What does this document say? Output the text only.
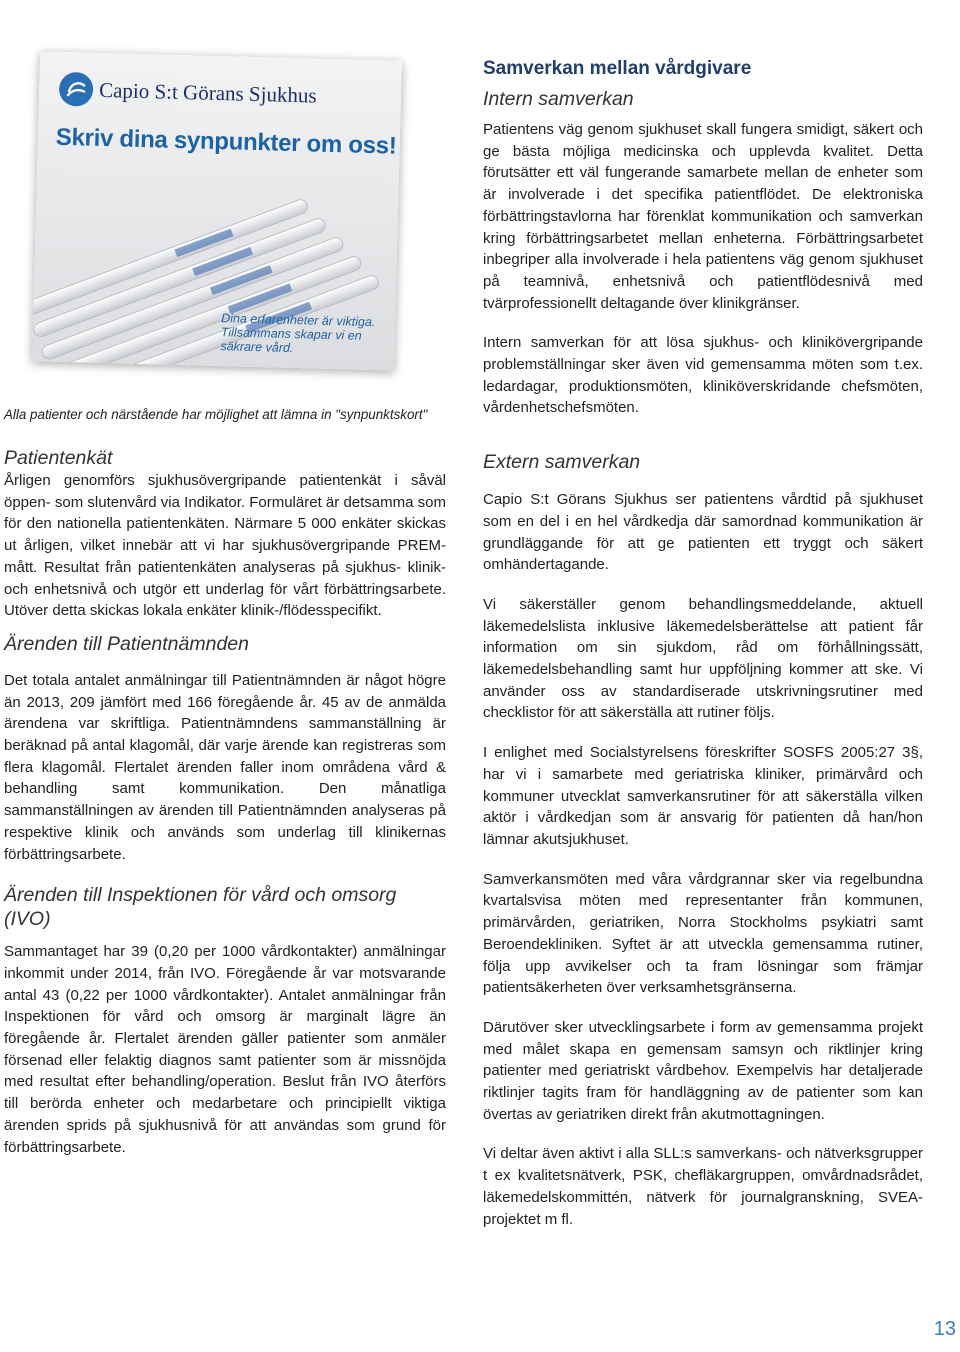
Capio S:t Görans Sjukhus
Skriv dina synpunkter om oss!
Dina erfarenheter är viktiga.
Tillsammans skapar vi en
säkrare vård.
Alla patienter och närstående har möjlighet att lämna in "synpunktskort"
Patientenkät

Årligen genomförs sjukhusövergripande patientenkät i såväl öppen- som slutenvård via Indikator. Formuläret är detsamma som för den nationella patientenkäten. Närmare 5 000 enkäter skickas ut årligen, vilket innebär att vi har sjukhusövergripande PREM-mått. Resultat från patientenkäten analyseras på sjukhus- klinik- och enhetsnivå och utgör ett underlag för vårt förbättringsarbete. Utöver detta skickas lokala enkäter klinik-/flödesspecifikt.

Ärenden till Patientnämnden

Det totala antalet anmälningar till Patientnämnden är något högre än 2013, 209 jämfört med 166 föregående år. 45 av de anmälda ärendena var skriftliga. Patientnämndens sammanställning är beräknad på antal klagomål, där varje ärende kan registreras som flera klagomål. Flertalet ärenden faller inom områdena vård & behandling samt kommunikation. Den månatliga sammanställningen av ärenden till Patientnämnden analyseras på respektive klinik och används som underlag till klinikernas förbättringsarbete.

Ärenden till Inspektionen för vård och omsorg (IVO)

Sammantaget har 39 (0,20 per 1000 vårdkontakter) anmälningar inkommit under 2014, från IVO. Föregående år var motsvarande antal 43 (0,22 per 1000 vårdkontakter). Antalet anmälningar från Inspektionen för vård och omsorg är marginalt lägre än föregående år. Flertalet ärenden gäller patienter som anmäler försenad eller felaktig diagnos samt patienter som är missnöjda med resultat efter behandling/operation. Beslut från IVO återförs till berörda enheter och medarbetare och principiellt viktiga ärenden sprids på sjukhusnivå för att användas som grund för förbättringsarbete.

Samverkan mellan vårdgivare
Intern samverkan

Patientens väg genom sjukhuset skall fungera smidigt, säkert och ge bästa möjliga medicinska och upplevda kvalitet. Detta förutsätter ett väl fungerande samarbete mellan de enheter som är involverade i det specifika patientflödet. De elektroniska förbättringstavlorna har förenklat kommunikation och samverkan kring förbättringsarbetet mellan enheterna. Förbättringsarbetet inbegriper alla involverade i hela patientens väg genom sjukhuset på teamnivå, enhetsnivå och patientflödesnivå med tvärprofessionellt deltagande över klinikgränser.

Intern samverkan för att lösa sjukhus- och klinikövergripande problemställningar sker även vid gemensamma möten som t.ex. ledardagar, produktionsmöten, kliniköverskridande chefsmöten, vårdenhetschefsmöten.

Extern samverkan

Capio S:t Görans Sjukhus ser patientens vårdtid på sjukhuset som en del i en hel vårdkedja där samordnad kommunikation är grundläggande för att ge patienten ett tryggt och säkert omhändertagande.

Vi säkerställer genom behandlingsmeddelande, aktuell läkemedelslista inklusive läkemedelsberättelse att patient får information om sin sjukdom, råd om förhållningssätt, läkemedelsbehandling samt hur uppföljning kommer att ske. Vi använder oss av standardiserade utskrivningsrutiner med checklistor för att säkerställa att rutiner följs.

I enlighet med Socialstyrelsens föreskrifter SOSFS 2005:27 3§, har vi i samarbete med geriatriska kliniker, primärvård och kommuner utvecklat samverkansrutiner för att säkerställa vilken aktör i vårdkedjan som är ansvarig för patienten då han/hon lämnar akutsjukhuset.

Samverkansmöten med våra vårdgrannar sker via regelbundna kvartalsvisa möten med representanter från kommunen, primärvården, geriatriken, Norra Stockholms psykiatri samt Beroendekliniken. Syftet är att utveckla gemensamma rutiner, följa upp avvikelser och ta fram lösningar som främjar patientsäkerheten över verksamhetsgränserna.

Därutöver sker utvecklingsarbete i form av gemensamma projekt med målet skapa en gemensam samsyn och riktlinjer kring patienter med geriatriskt vårdbehov. Exempelvis har detaljerade riktlinjer tagits fram för handläggning av de patienter som kan övertas av geriatriken direkt från akutmottagningen.

Vi deltar även aktivt i alla SLL:s samverkans- och nätverksgrupper t ex kvalitetsnätverk, PSK, chefläkargruppen, omvårdnadsrådet, läkemedelskommittén, nätverk för journalgranskning, SVEA-projektet m fl.

13
